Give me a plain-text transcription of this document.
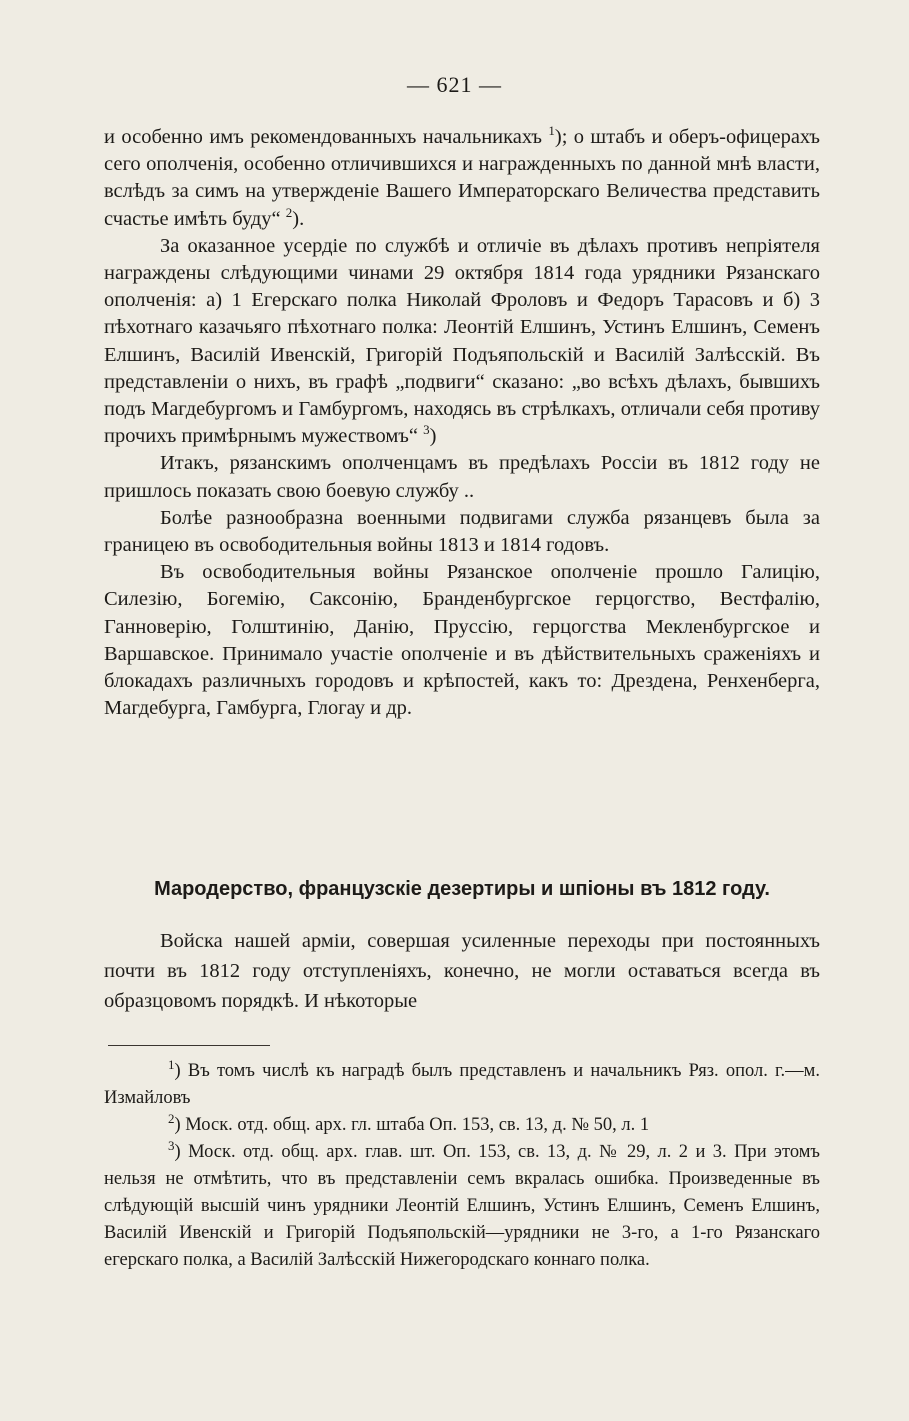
— 621 —

и особенно имъ рекомендованныхъ начальникахъ $^1$); о штабъ и оберъ-офицерахъ сего ополченія, особенно отличившихся и награжденныхъ по данной мнѣ власти, вслѣдъ за симъ на утвержденіе Вашего Императорскаго Величества представить счастье имѣть буду“ $^2$).

За оказанное усердіе по службѣ и отличіе въ дѣлахъ противъ непріятеля награждены слѣдующими чинами 29 октября 1814 года урядники Рязанскаго ополченія: а) 1 Егерскаго полка Николай Фроловъ и Федоръ Тарасовъ и б) 3 пѣхотнаго казачьяго пѣхотнаго полка: Леонтій Елшинъ, Устинъ Елшинъ, Семенъ Елшинъ, Василій Ивенскій, Григорій Подъяпольскій и Василій Залѣсскій. Въ представленіи о нихъ, въ графѣ „подвиги“ сказано: „во всѣхъ дѣлахъ, бывшихъ подъ Магдебургомъ и Гамбургомъ, находясь въ стрѣлкахъ, отличали себя противу прочихъ примѣрнымъ мужествомъ“ $^3$)

Итакъ, рязанскимъ ополченцамъ въ предѣлахъ Россіи въ 1812 году не пришлось показать свою боевую службу ..

Болѣе разнообразна военными подвигами служба рязанцевъ была за границею въ освободительныя войны 1813 и 1814 годовъ.

Въ освободительныя войны Рязанское ополченіе прошло Галицію, Силезію, Богемію, Саксонію, Бранденбургское герцогство, Вестфалію, Ганноверію, Голштинію, Данію, Пруссію, герцогства Мекленбургское и Варшавское. Принимало участіе ополченіе и въ дѣйствительныхъ сраженіяхъ и блокадахъ различныхъ городовъ и крѣпостей, какъ то: Дрездена, Ренхенберга, Магдебурга, Гамбурга, Глогау и др.

Мародерство, французскіе дезертиры и шпіоны въ 1812 году.

Войска нашей арміи, совершая усиленные переходы при постоянныхъ почти въ 1812 году отступленіяхъ, конечно, не могли оставаться всегда въ образцовомъ порядкѣ. И нѣкоторые

$^1$) Въ томъ числѣ къ наградѣ былъ представленъ и начальникъ Ряз. опол. г.—м. Измайловъ

$^2$) Моск. отд. общ. арх. гл. штаба Оп. 153, св. 13, д. № 50, л. 1

$^3$) Моск. отд. общ. арх. глав. шт. Оп. 153, св. 13, д. № 29, л. 2 и 3. При этомъ нельзя не отмѣтить, что въ представленіи семъ вкралась ошибка. Произведенные въ слѣдующій высшій чинъ урядники Леонтій Елшинъ, Устинъ Елшинъ, Семенъ Елшинъ, Василій Ивенскій и Григорій Подъяпольскій—урядники не 3-го, а 1-го Рязанскаго егерскаго полка, а Василій Залѣсскій Нижегородскаго коннаго полка.
